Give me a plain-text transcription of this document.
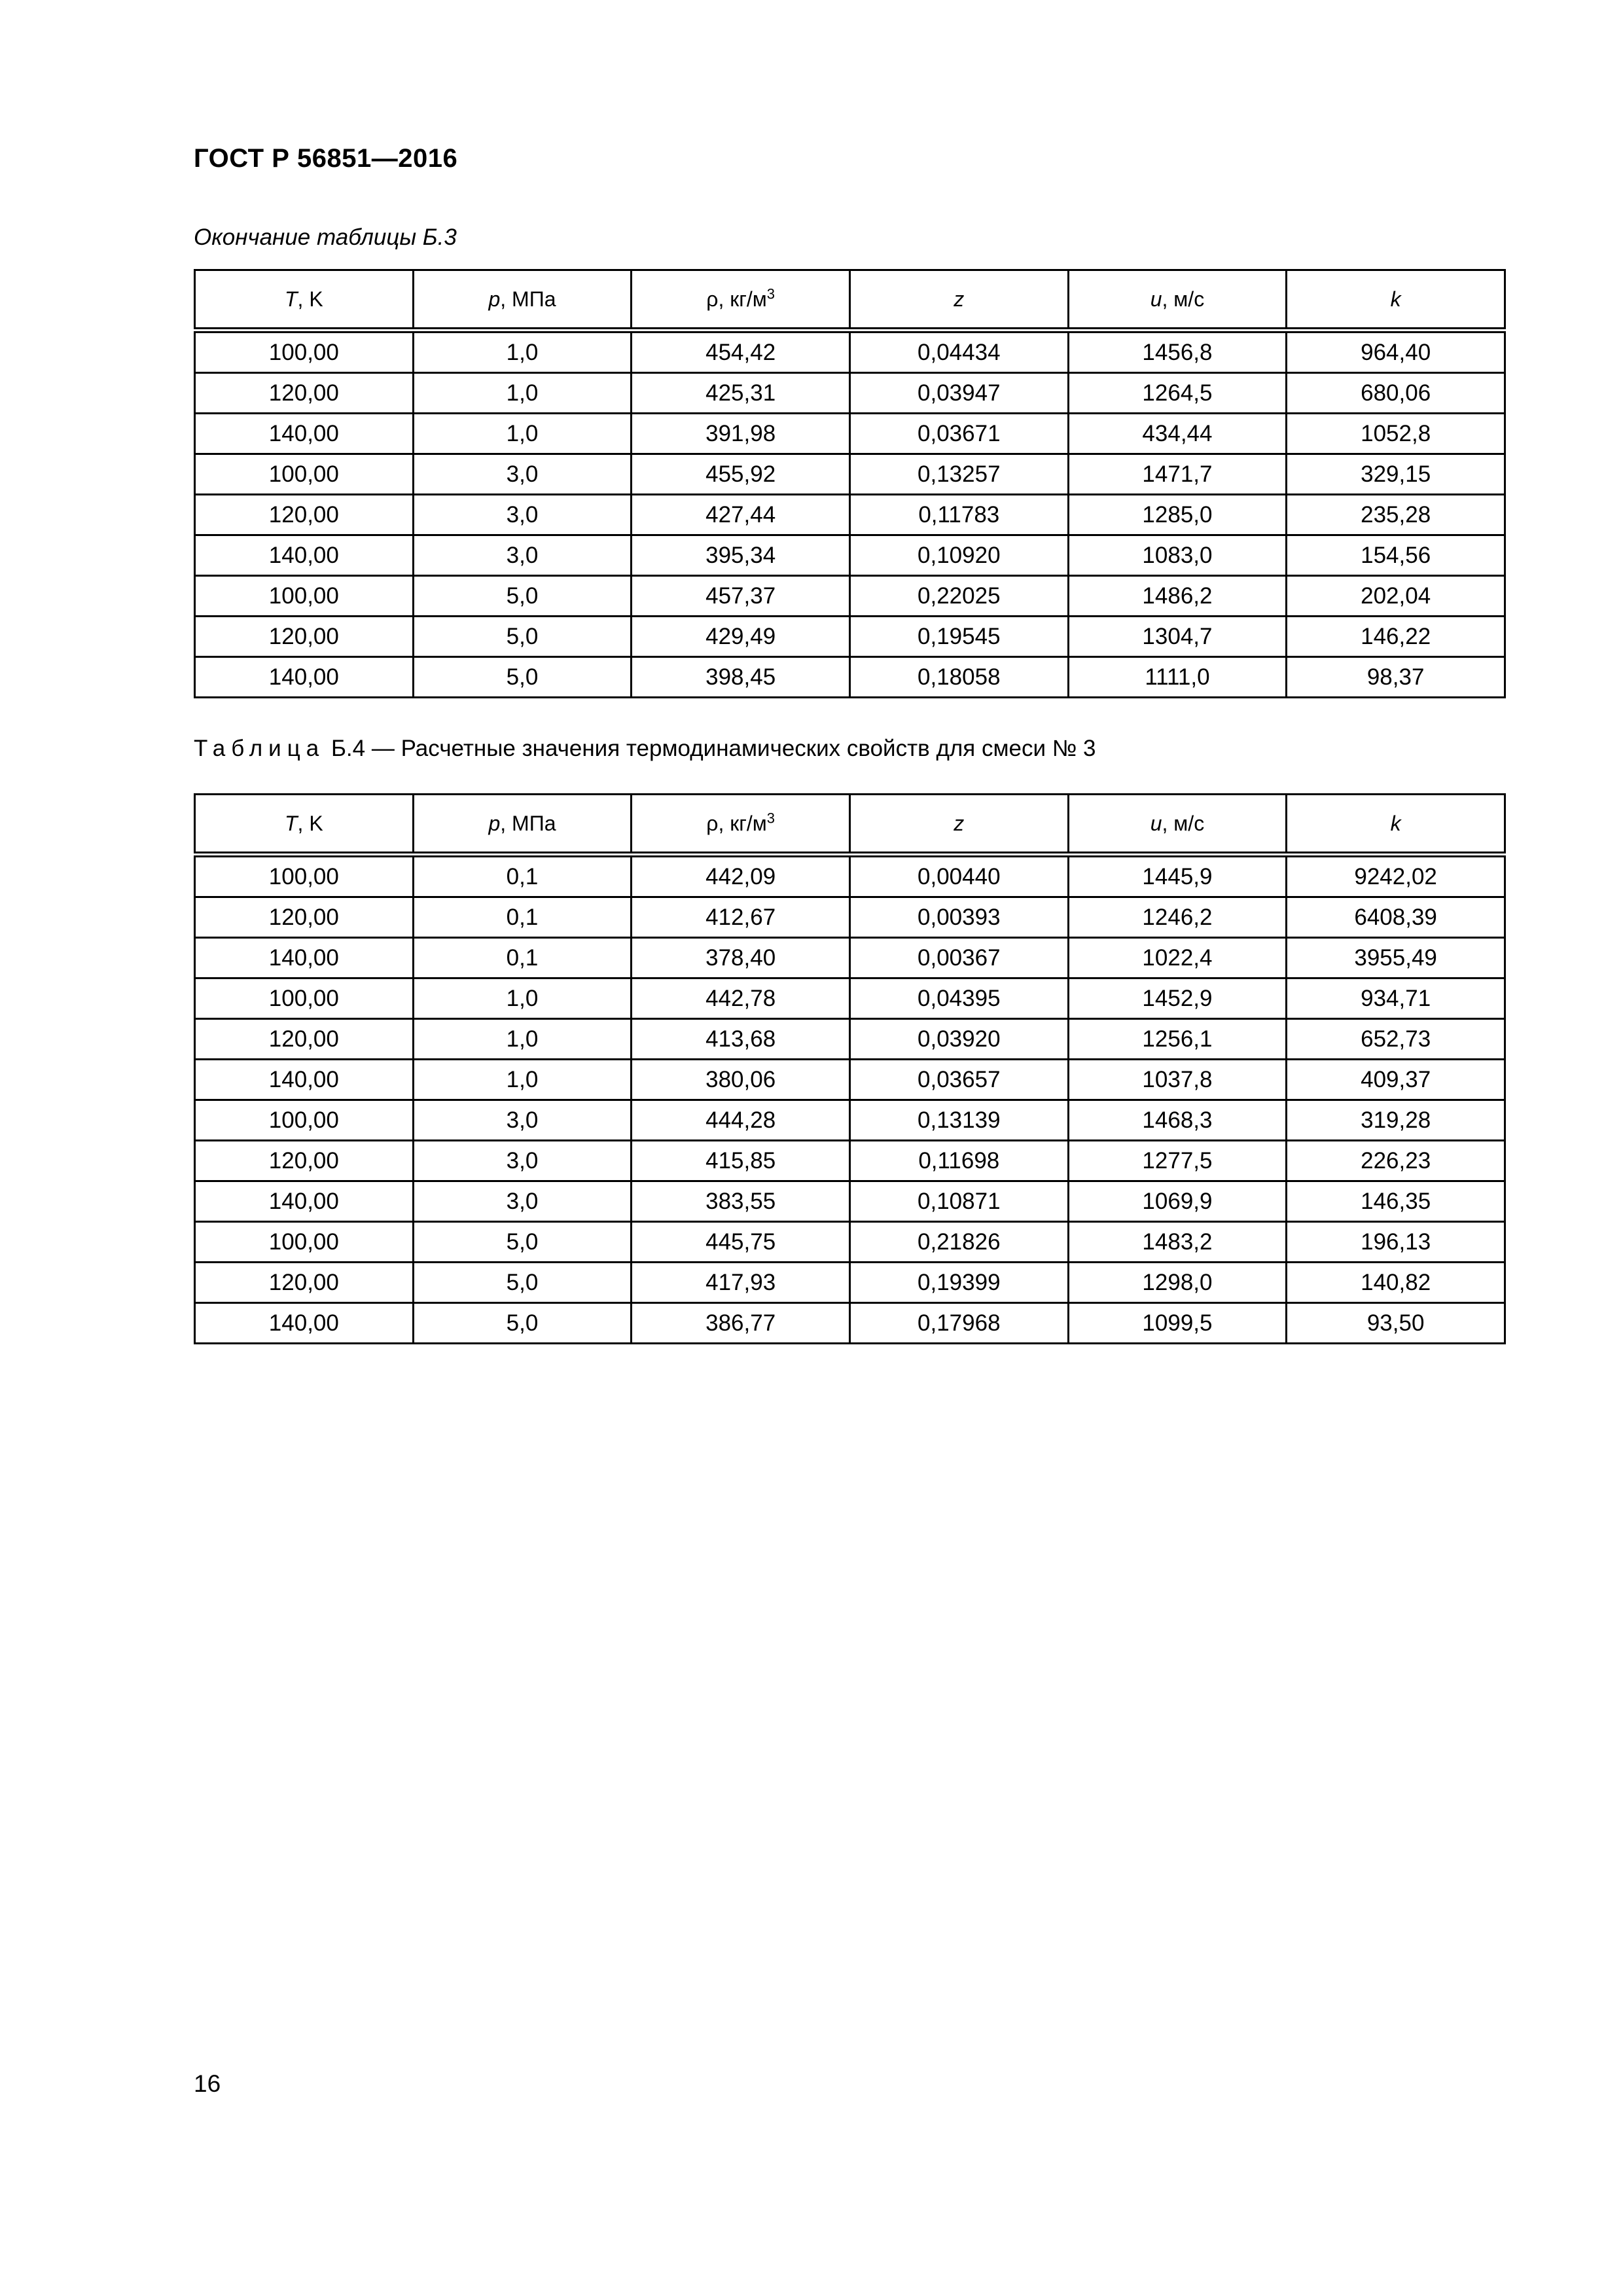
ГОСТ Р 56851—2016
Окончание таблицы Б.3
T, K	p, МПа	ρ, $кг/м^3$	z	u, м/с	k
100,00	1,0	454,42	0,04434	1456,8	964,40
120,00	1,0	425,31	0,03947	1264,5	680,06
140,00	1,0	391,98	0,03671	434,44	1052,8
100,00	3,0	455,92	0,13257	1471,7	329,15
120,00	3,0	427,44	0,11783	1285,0	235,28
140,00	3,0	395,34	0,10920	1083,0	154,56
100,00	5,0	457,37	0,22025	1486,2	202,04
120,00	5,0	429,49	0,19545	1304,7	146,22
140,00	5,0	398,45	0,18058	1111,0	98,37
Таблица Б.4 — Расчетные значения термодинамических свойств для смеси № 3
T, K	p, МПа	ρ, $кг/м^3$	z	u, м/с	k
100,00	0,1	442,09	0,00440	1445,9	9242,02
120,00	0,1	412,67	0,00393	1246,2	6408,39
140,00	0,1	378,40	0,00367	1022,4	3955,49
100,00	1,0	442,78	0,04395	1452,9	934,71
120,00	1,0	413,68	0,03920	1256,1	652,73
140,00	1,0	380,06	0,03657	1037,8	409,37
100,00	3,0	444,28	0,13139	1468,3	319,28
120,00	3,0	415,85	0,11698	1277,5	226,23
140,00	3,0	383,55	0,10871	1069,9	146,35
100,00	5,0	445,75	0,21826	1483,2	196,13
120,00	5,0	417,93	0,19399	1298,0	140,82
140,00	5,0	386,77	0,17968	1099,5	93,50
16
